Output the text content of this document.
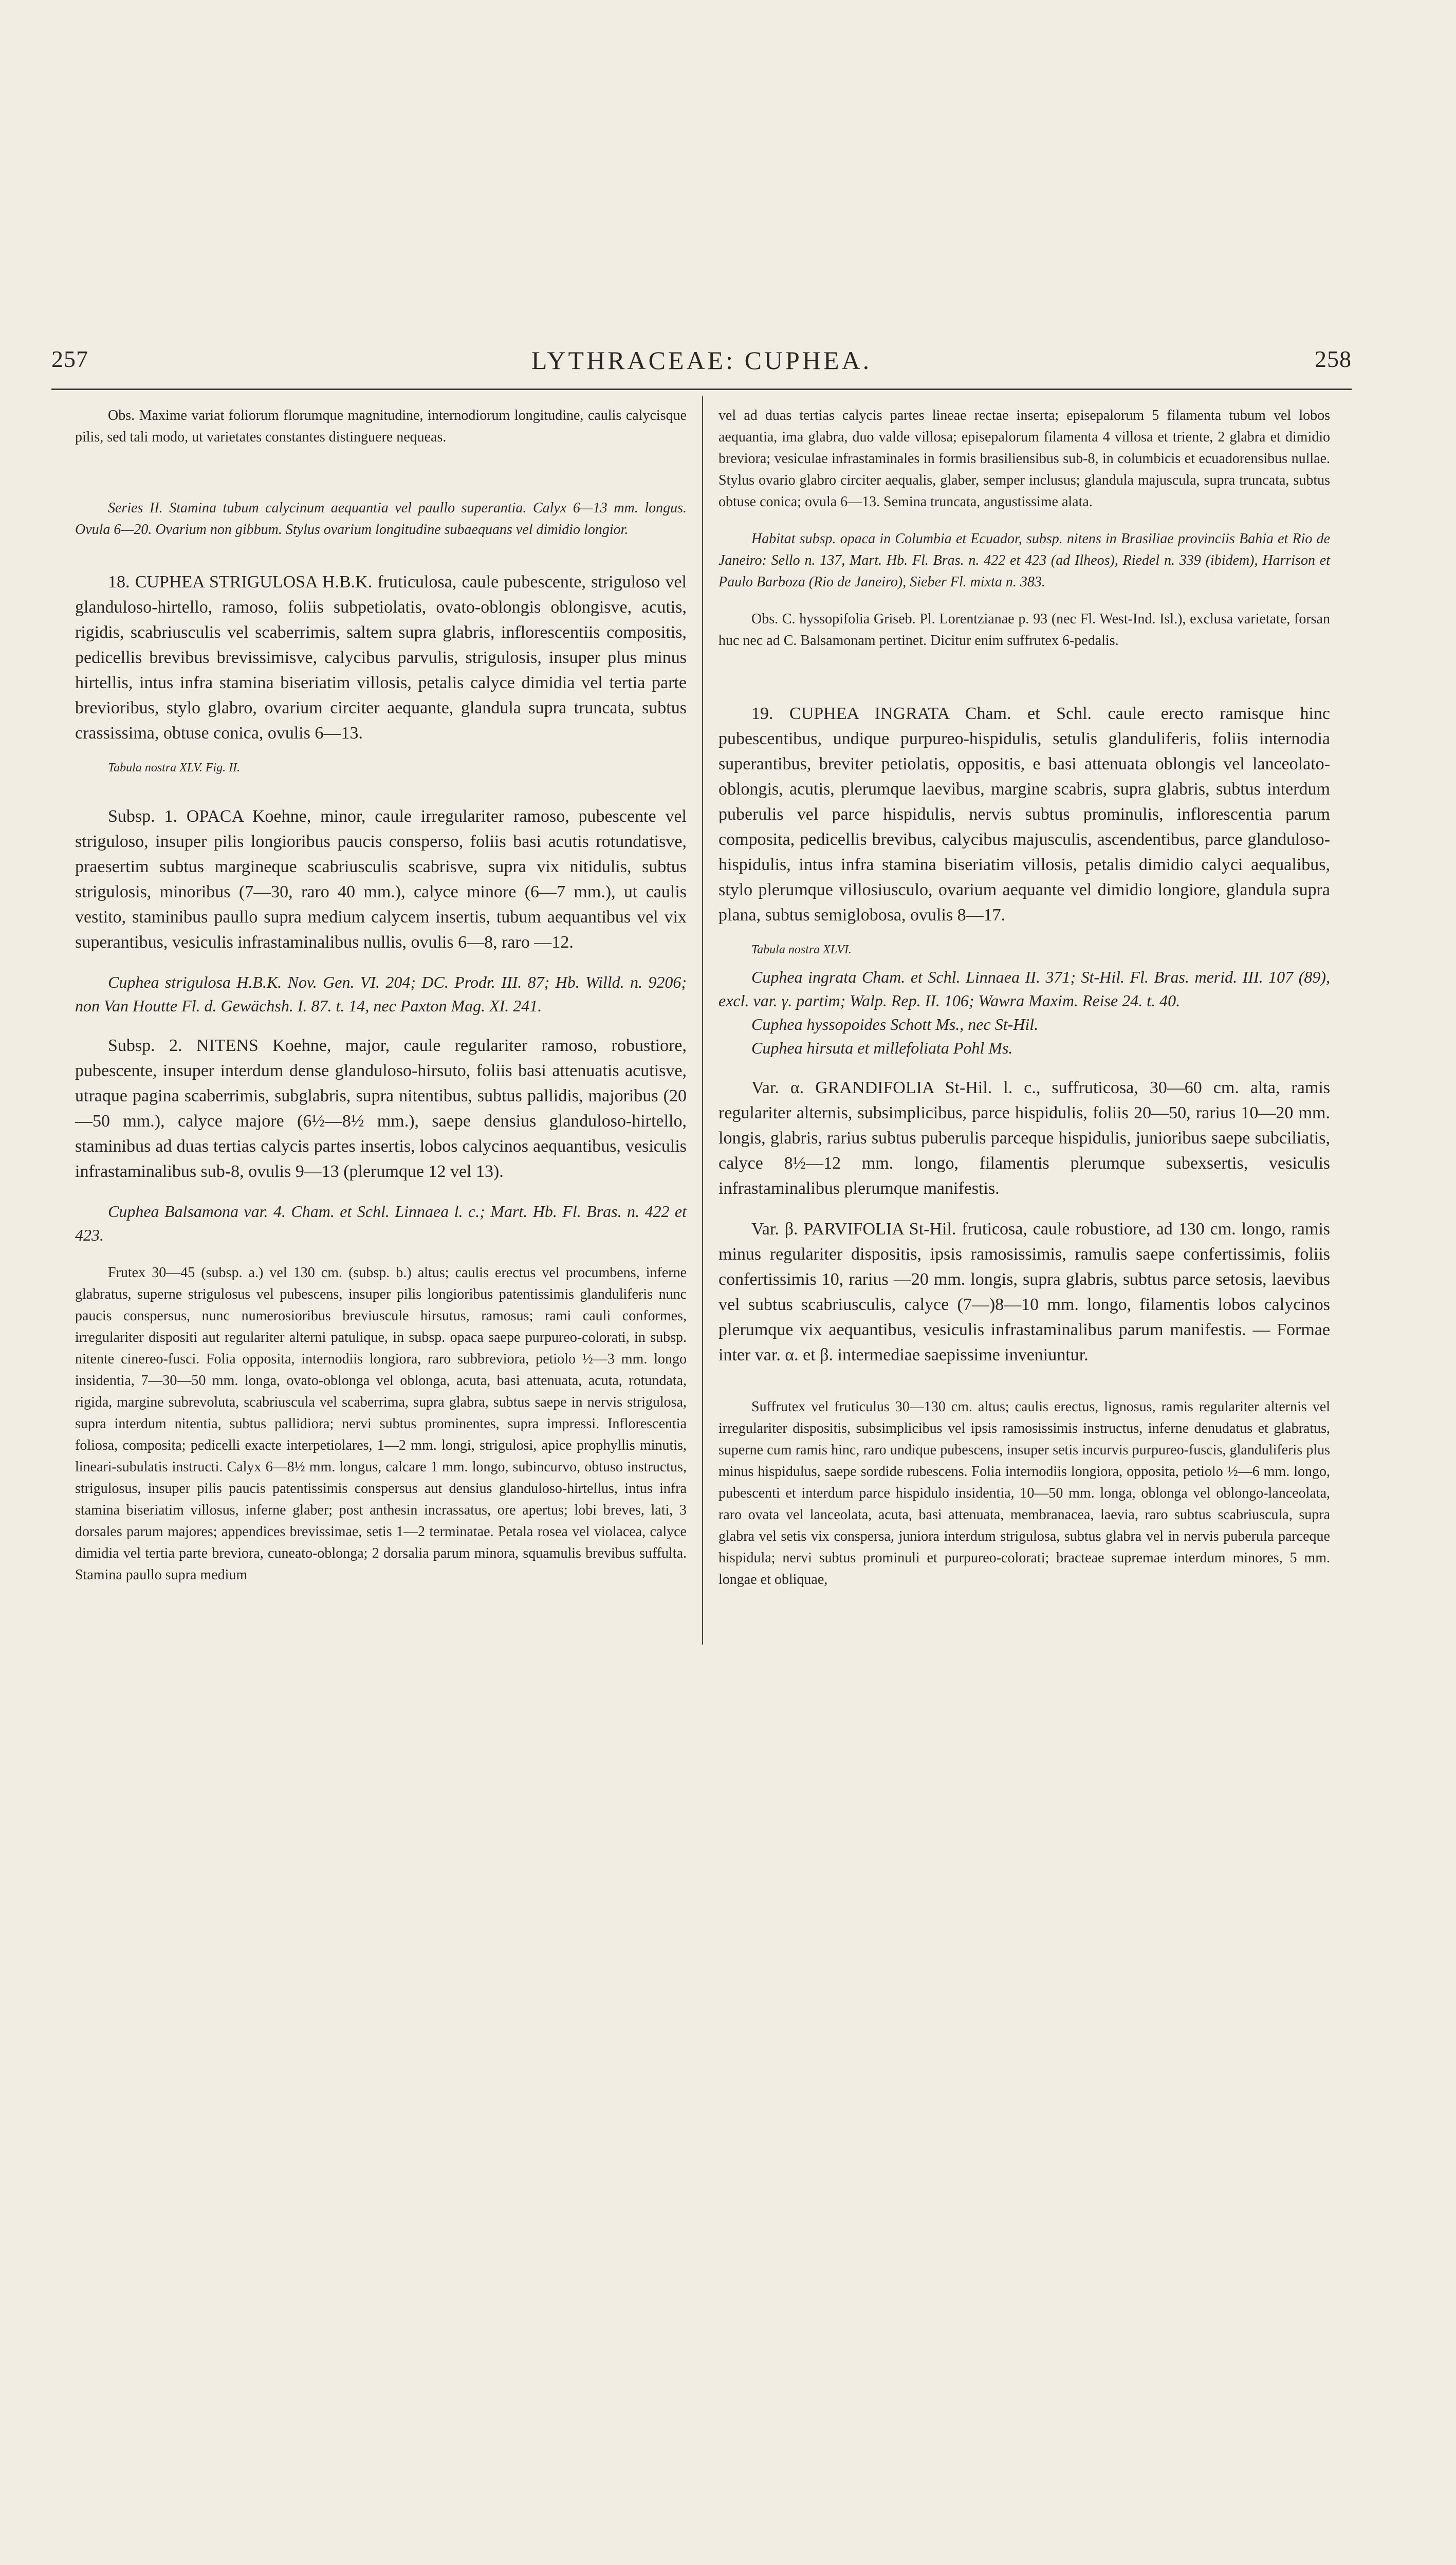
257	LYTHRACEAE: CUPHEA.	258

Obs. Maxime variat foliorum florumque magnitudine, internodiorum longitudine, caulis calycisque pilis, sed tali modo, ut varietates constantes distinguere nequeas.

Series II. Stamina tubum calycinum aequantia vel paullo superantia. Calyx 6—13 mm. longus. Ovula 6—20. Ovarium non gibbum. Stylus ovarium longitudine subaequans vel dimidio longior.

18. CUPHEA STRIGULOSA H.B.K. fruticulosa, caule pubescente, striguloso vel glanduloso-hirtello, ramoso, foliis subpetiolatis, ovato-oblongis oblongisve, acutis, rigidis, scabriusculis vel scaberrimis, saltem supra glabris, inflorescentiis compositis, pedicellis brevibus brevissimisve, calycibus parvulis, strigulosis, insuper plus minus hirtellis, intus infra stamina biseriatim villosis, petalis calyce dimidia vel tertia parte brevioribus, stylo glabro, ovarium circiter aequante, glandula supra truncata, subtus crassissima, obtuse conica, ovulis 6—13.

Tabula nostra XLV. Fig. II.

Subsp. 1. OPACA Koehne, minor, caule irregulariter ramoso, pubescente vel striguloso, insuper pilis longioribus paucis conspersо, foliis basi acutis rotundatisve, praesertim subtus margineque scabriusculis scabrisve, supra vix nitidulis, subtus strigulosis, minoribus (7—30, raro 40 mm.), calyce minore (6—7 mm.), ut caulis vestito, staminibus paullo supra medium calycem insertis, tubum aequantibus vel vix superantibus, vesiculis infrastaminalibus nullis, ovulis 6—8, raro —12.

Cuphea strigulosa H.B.K. Nov. Gen. VI. 204; DC. Prodr. III. 87; Hb. Willd. n. 9206; non Van Houtte Fl. d. Gewächsh. I. 87. t. 14, nec Paxton Mag. XI. 241.

Subsp. 2. NITENS Koehne, major, caule regulariter ramoso, robustiore, pubescente, insuper interdum dense glanduloso-hirsuto, foliis basi attenuatis acutisve, utraque pagina scaberrimis, subglabris, supra nitentibus, subtus pallidis, majoribus (20—50 mm.), calyce majore (6½—8½ mm.), saepe densius glanduloso-hirtello, staminibus ad duas tertias calycis partes insertis, lobos calycinos aequantibus, vesiculis infrastaminalibus sub-8, ovulis 9—13 (plerumque 12 vel 13).

Cuphea Balsamona var. 4. Cham. et Schl. Linnaea l. c.; Mart. Hb. Fl. Bras. n. 422 et 423.

Frutex 30—45 (subsp. a.) vel 130 cm. (subsp. b.) altus; caulis erectus vel procumbens, inferne glabratus, superne strigulosus vel pubescens, insuper pilis longioribus patentissimis glanduliferis nunc paucis conspersus, nunc numerosioribus breviuscule hirsutus, ramosus; rami cauli conformes, irregulariter dispositi aut regulariter alterni patulique, in subsp. opaca saepe purpureo-colorati, in subsp. nitente cinereo-fusci. Folia opposita, internodiis longiora, raro subbreviora, petiolo ½—3 mm. longo insidentia, 7—30—50 mm. longa, ovato-oblonga vel oblonga, acuta, basi attenuata, acuta, rotundata, rigida, margine subrevoluta, scabriuscula vel scaberrima, supra glabra, subtus saepe in nervis strigulosa, supra interdum nitentia, subtus pallidiora; nervi subtus prominentes, supra impressi. Inflorescentia foliosa, composita; pedicelli exacte interpetiolares, 1—2 mm. longi, strigulosi, apice prophyllis minutis, lineari-subulatis instructi. Calyx 6—8½ mm. longus, calcare 1 mm. longo, subincurvo, obtuso instructus, strigulosus, insuper pilis paucis patentissimis conspersus aut densius glanduloso-hirtellus, intus infra stamina biseriatim villosus, inferne glaber; post anthesin incrassatus, ore apertus; lobi breves, lati, 3 dorsales parum majores; appendices brevissimae, setis 1—2 terminatae. Petala rosea vel violacea, calyce dimidia vel tertia parte breviora, cuneato-oblonga; 2 dorsalia parum minora, squamulis brevibus suffulta. Stamina paullo supra medium

vel ad duas tertias calycis partes lineae rectae inserta; episepalorum 5 filamenta tubum vel lobos aequantia, ima glabra, duo valde villosa; episepalorum filamenta 4 villosa et triente, 2 glabra et dimidio breviora; vesiculae infrastaminales in formis brasiliensibus sub-8, in columbicis et ecuadorensibus nullae. Stylus ovario glabro circiter aequalis, glaber, semper inclusus; glandula majuscula, supra truncata, subtus obtuse conica; ovula 6—13. Semina truncata, angustissime alata.

Habitat subsp. opaca in Columbia et Ecuador, subsp. nitens in Brasiliae provinciis Bahia et Rio de Janeiro: Sello n. 137, Mart. Hb. Fl. Bras. n. 422 et 423 (ad Ilheos), Riedel n. 339 (ibidem), Harrison et Paulo Barboza (Rio de Janeiro), Sieber Fl. mixta n. 383.

Obs. C. hyssopifolia Griseb. Pl. Lorentzianae p. 93 (nec Fl. West-Ind. Isl.), exclusa varietate, forsan huc nec ad C. Balsamonam pertinet. Dicitur enim suffrutex 6-pedalis.

19. CUPHEA INGRATA Cham. et Schl. caule erecto ramisque hinc pubescentibus, undique purpureo-hispidulis, setulis glanduliferis, foliis internodia superantibus, breviter petiolatis, oppositis, e basi attenuata oblongis vel lanceolato-oblongis, acutis, plerumque laevibus, margine scabris, supra glabris, subtus interdum puberulis vel parce hispidulis, nervis subtus prominulis, inflorescentia parum composita, pedicellis brevibus, calycibus majusculis, ascendentibus, parce glanduloso-hispidulis, intus infra stamina biseriatim villosis, petalis dimidio calyci aequalibus, stylo plerumque villosiusculo, ovarium aequante vel dimidio longiore, glandula supra plana, subtus semiglobosa, ovulis 8—17.

Tabula nostra XLVI.

Cuphea ingrata Cham. et Schl. Linnaea II. 371; St-Hil. Fl. Bras. merid. III. 107 (89), excl. var. γ. partim; Walp. Rep. II. 106; Wawra Maxim. Reise 24. t. 40.

Cuphea hyssopoides Schott Ms., nec St-Hil.

Cuphea hirsuta et millefoliata Pohl Ms.

Var. α. GRANDIFOLIA St-Hil. l. c., suffruticosa, 30—60 cm. alta, ramis regulariter alternis, subsimplicibus, parce hispidulis, foliis 20—50, rarius 10—20 mm. longis, glabris, rarius subtus puberulis parceque hispidulis, junioribus saepe subciliatis, calyce 8½—12 mm. longo, filamentis plerumque subexsertis, vesiculis infrastaminalibus plerumque manifestis.

Var. β. PARVIFOLIA St-Hil. fruticosa, caule robustiore, ad 130 cm. longo, ramis minus regulariter dispositis, ipsis ramosissimis, ramulis saepe confertissimis, foliis confertissimis 10, rarius —20 mm. longis, supra glabris, subtus parce setosis, laevibus vel subtus scabriusculis, calyce (7—)8—10 mm. longo, filamentis lobos calycinos plerumque vix aequantibus, vesiculis infrastaminalibus parum manifestis. — Formae inter var. α. et β. intermediae saepissime inveniuntur.

Suffrutex vel fruticulus 30—130 cm. altus; caulis erectus, lignosus, ramis regulariter alternis vel irregulariter dispositis, subsimplicibus vel ipsis ramosissimis instructus, inferne denudatus et glabratus, superne cum ramis hinc, raro undique pubescens, insuper setis incurvis purpureo-fuscis, glanduliferis plus minus hispidulus, saepe sordide rubescens. Folia internodiis longiora, opposita, petiolo ½—6 mm. longo, pubescenti et interdum parce hispidulo insidentia, 10—50 mm. longa, oblonga vel oblongo-lanceolata, raro ovata vel lanceolata, acuta, basi attenuata, membranacea, laevia, raro subtus scabriuscula, supra glabra vel setis vix conspersa, juniora interdum strigulosa, subtus glabra vel in nervis puberula parceque hispidula; nervi subtus prominuli et purpureo-colorati; bracteae supremae interdum minores, 5 mm. longae et obliquae,
